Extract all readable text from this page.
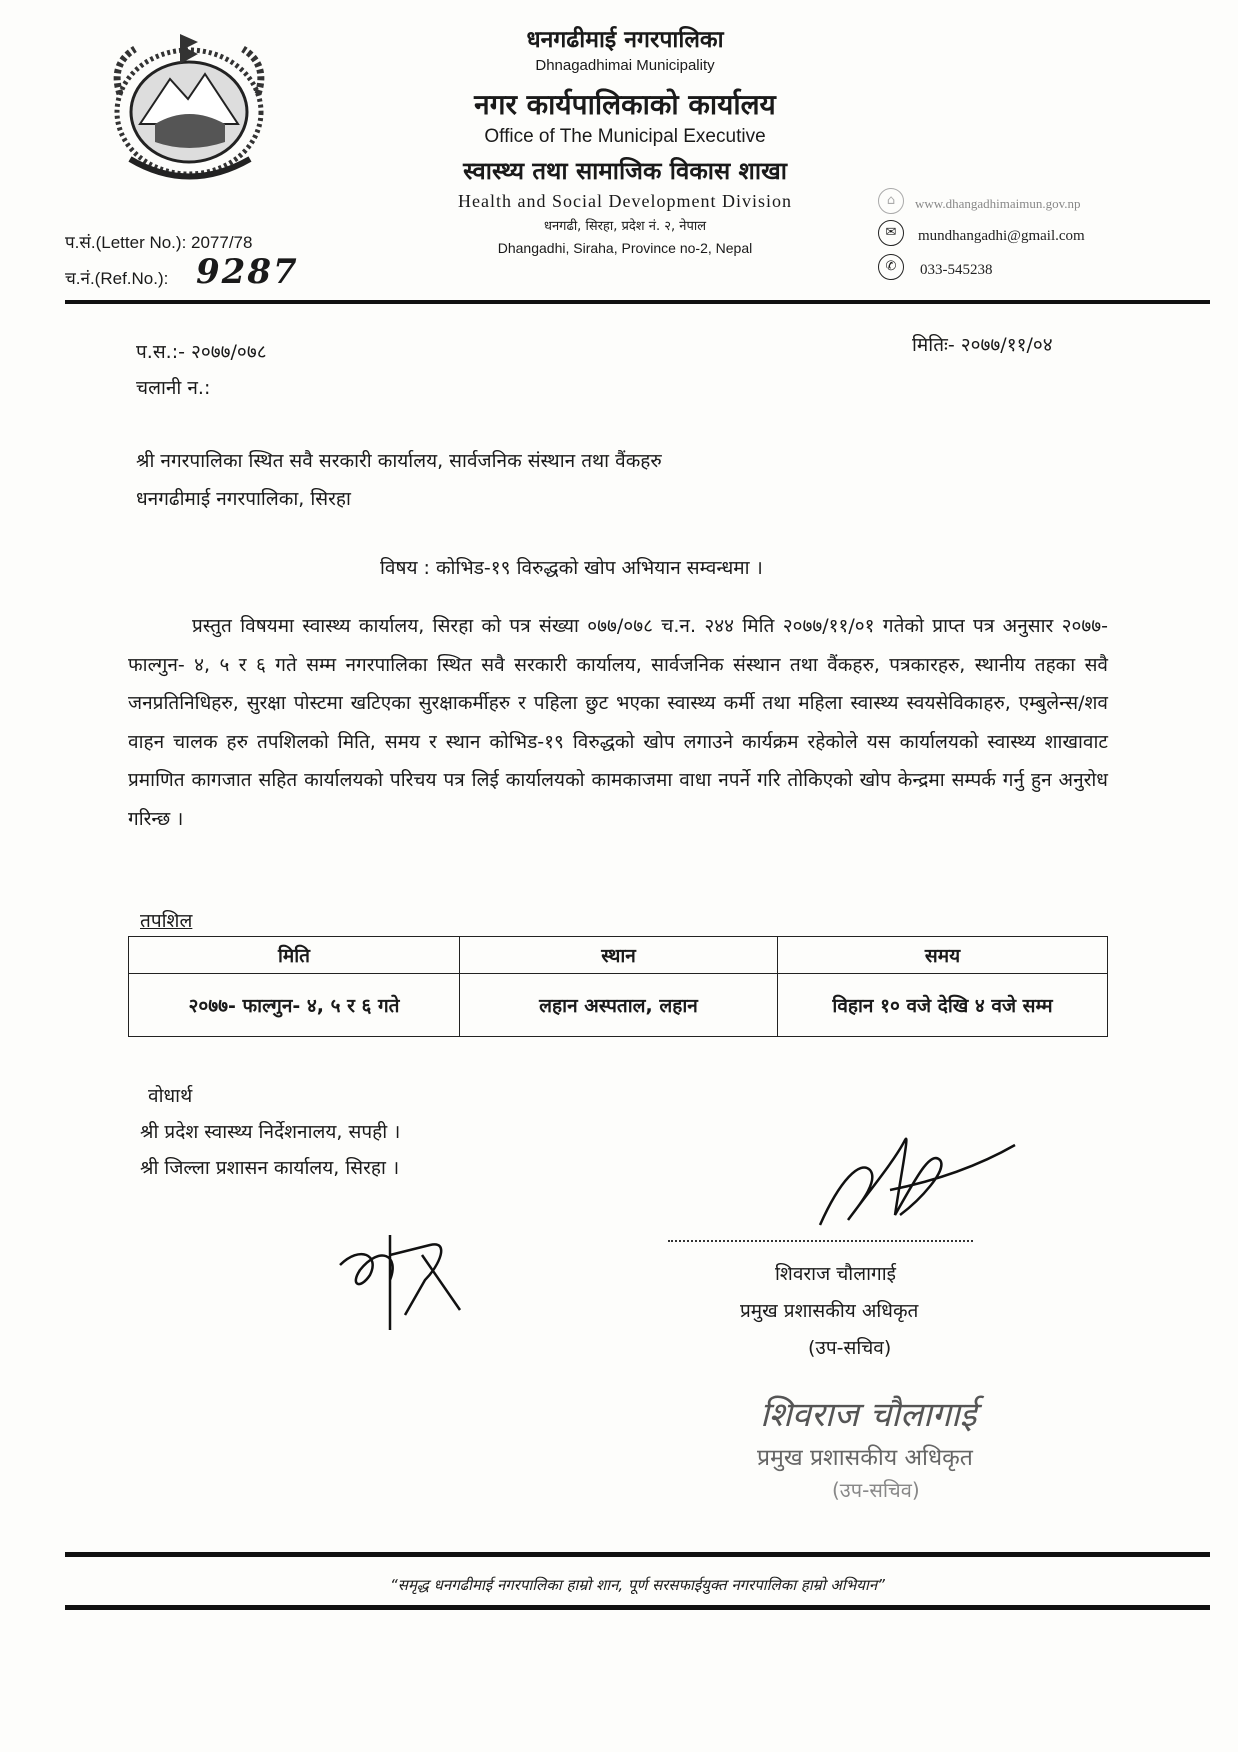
धनगढीमाई नगरपालिका
Dhnagadhimai Municipality
नगर कार्यपालिकाको कार्यालय
Office of The Municipal Executive
स्वास्थ्य तथा सामाजिक विकास शाखा
Health and Social Development Division
धनगढी, सिरहा, प्रदेश नं. २, नेपाल
Dhangadhi, Siraha, Province no-2, Nepal
⌂	www.dhangadhimaimun.gov.np
✉	mundhangadhi@gmail.com
✆	033-545238
प.सं.(Letter No.): 2077/78
च.नं.(Ref.No.): 9287
प.स.:- २०७७/०७८
चलानी न.:
मितिः- २०७७/११/०४
श्री नगरपालिका स्थित सवै सरकारी कार्यालय, सार्वजनिक संस्थान तथा वैंकहरु
धनगढीमाई नगरपालिका, सिरहा
विषय : कोभिड-१९ विरुद्धको खोप अभियान सम्वन्धमा ।
प्रस्तुत विषयमा स्वास्थ्य कार्यालय, सिरहा को पत्र संख्या ०७७/०७८ च.न. २४४ मिति २०७७/११/०१ गतेको प्राप्त पत्र अनुसार २०७७-फाल्गुन- ४, ५ र ६ गते सम्म नगरपालिका स्थित सवै सरकारी कार्यालय, सार्वजनिक संस्थान तथा वैंकहरु, पत्रकारहरु, स्थानीय तहका सवै जनप्रतिनिधिहरु, सुरक्षा पोस्टमा खटिएका सुरक्षाकर्मीहरु र पहिला छुट भएका स्वास्थ्य कर्मी तथा महिला स्वास्थ्य स्वयसेविकाहरु, एम्बुलेन्स/शव वाहन चालक हरु तपशिलको मिति, समय र स्थान कोभिड-१९ विरुद्धको खोप लगाउने कार्यक्रम रहेकोले यस कार्यालयको स्वास्थ्य शाखावाट प्रमाणित कागजात सहित कार्यालयको परिचय पत्र लिई कार्यालयको कामकाजमा वाधा नपर्ने गरि तोकिएको खोप केन्द्रमा सम्पर्क गर्नु हुन अनुरोध गरिन्छ ।
तपशिल
मिति	स्थान	समय
२०७७- फाल्गुन- ४, ५ र ६ गते	लहान अस्पताल, लहान	विहान १० वजे देखि ४ वजे सम्म
वोधार्थ
श्री प्रदेश स्वास्थ्य निर्देशनालय, सपही ।
श्री जिल्ला प्रशासन कार्यालय, सिरहा ।
शिवराज चौलागाई
प्रमुख प्रशासकीय अधिकृत
(उप-सचिव)
शिवराज चौलागाई
प्रमुख प्रशासकीय अधिकृत
(उप-सचिव)
“समृद्ध धनगढीमाई नगरपालिका हाम्रो शान, पूर्ण सरसफाईयुक्त नगरपालिका हाम्रो अभियान”
